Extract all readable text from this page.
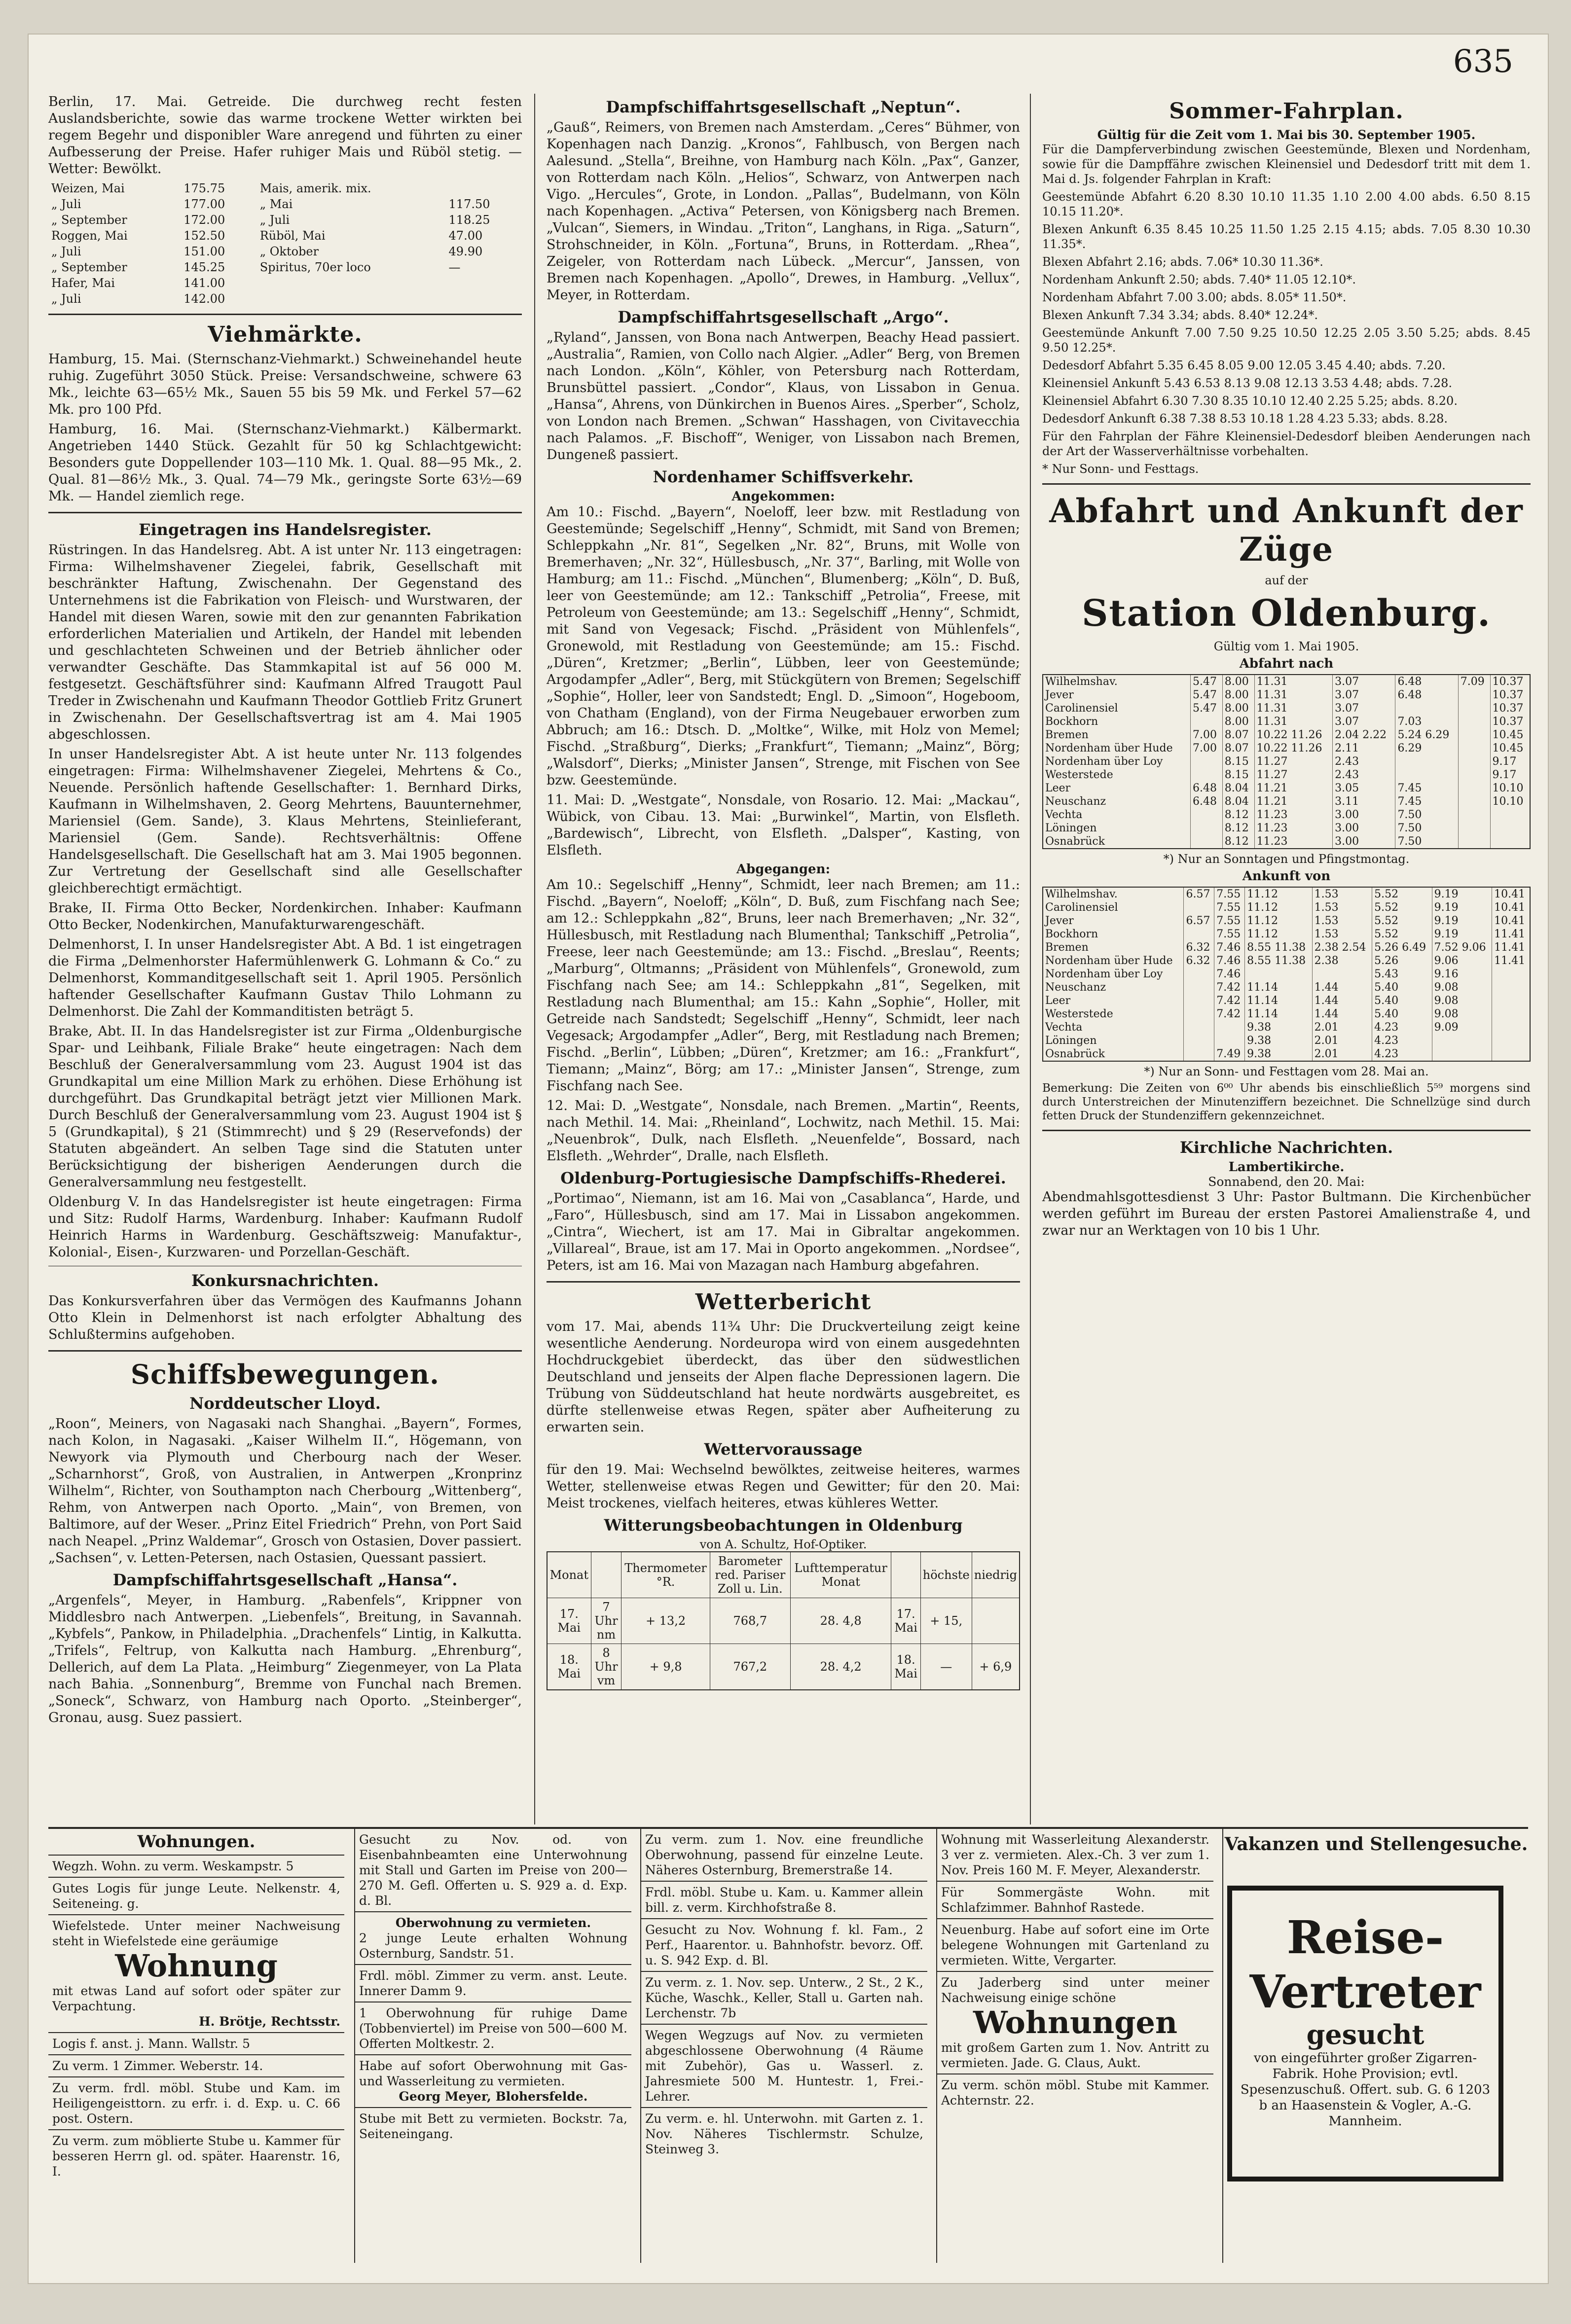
635

Berlin, 17. Mai. Getreide. Die durchweg recht festen Auslandsberichte, sowie das warme trockene Wetter wirkten bei regem Begehr und disponibler Ware anregend und führten zu einer Aufbesserung der Preise. Hafer ruhiger Mais und Rüböl stetig. — Wetter: Bewölkt.

Weizen, Mai	175.75	Mais, amerik. mix.	
„ Juli	177.00	„ Mai	117.50
„ September	172.00	„ Juli	118.25
Roggen, Mai	152.50	Rüböl, Mai	47.00
„ Juli	151.00	„ Oktober	49.90
„ September	145.25	Spiritus, 70er loco	—
Hafer, Mai	141.00		
„ Juli	142.00		
Viehmärkte.

Hamburg, 15. Mai. (Sternschanz-Viehmarkt.) Schweinehandel heute ruhig. Zugeführt 3050 Stück. Preise: Versandschweine, schwere 63 Mk., leichte 63—65½ Mk., Sauen 55 bis 59 Mk. und Ferkel 57—62 Mk. pro 100 Pfd.

Hamburg, 16. Mai. (Sternschanz-Viehmarkt.) Kälbermarkt. Angetrieben 1440 Stück. Gezahlt für 50 kg Schlachtgewicht: Besonders gute Doppellender 103—110 Mk. 1. Qual. 88—95 Mk., 2. Qual. 81—86½ Mk., 3. Qual. 74—79 Mk., geringste Sorte 63½—69 Mk. — Handel ziemlich rege.

Eingetragen ins Handelsregister.

Rüstringen. In das Handelsreg. Abt. A ist unter Nr. 113 eingetragen: Firma: Wilhelmshavener Ziegelei, fabrik, Gesellschaft mit beschränkter Haftung, Zwischenahn. Der Gegenstand des Unternehmens ist die Fabrikation von Fleisch- und Wurstwaren, der Handel mit diesen Waren, sowie mit den zur genannten Fabrikation erforderlichen Materialien und Artikeln, der Handel mit lebenden und geschlachteten Schweinen und der Betrieb ähnlicher oder verwandter Geschäfte. Das Stammkapital ist auf 56 000 M. festgesetzt. Geschäftsführer sind: Kaufmann Alfred Traugott Paul Treder in Zwischenahn und Kaufmann Theodor Gottlieb Fritz Grunert in Zwischenahn. Der Gesellschaftsvertrag ist am 4. Mai 1905 abgeschlossen.

In unser Handelsregister Abt. A ist heute unter Nr. 113 folgendes eingetragen: Firma: Wilhelmshavener Ziegelei, Mehrtens & Co., Neuende. Persönlich haftende Gesellschafter: 1. Bernhard Dirks, Kaufmann in Wilhelmshaven, 2. Georg Mehrtens, Bauunternehmer, Mariensiel (Gem. Sande), 3. Klaus Mehrtens, Steinlieferant, Mariensiel (Gem. Sande). Rechtsverhältnis: Offene Handelsgesellschaft. Die Gesellschaft hat am 3. Mai 1905 begonnen. Zur Vertretung der Gesellschaft sind alle Gesellschafter gleichberechtigt ermächtigt.

Brake, II. Firma Otto Becker, Nordenkirchen. Inhaber: Kaufmann Otto Becker, Nodenkirchen, Manufakturwarengeschäft.

Delmenhorst, I. In unser Handelsregister Abt. A Bd. 1 ist eingetragen die Firma „Delmenhorster Hafermühlenwerk G. Lohmann & Co.“ zu Delmenhorst, Kommanditgesellschaft seit 1. April 1905. Persönlich haftender Gesellschafter Kaufmann Gustav Thilo Lohmann zu Delmenhorst. Die Zahl der Kommanditisten beträgt 5.

Brake, Abt. II. In das Handelsregister ist zur Firma „Oldenburgische Spar- und Leihbank, Filiale Brake“ heute eingetragen: Nach dem Beschluß der Generalversammlung vom 23. August 1904 ist das Grundkapital um eine Million Mark zu erhöhen. Diese Erhöhung ist durchgeführt. Das Grundkapital beträgt jetzt vier Millionen Mark. Durch Beschluß der Generalversammlung vom 23. August 1904 ist § 5 (Grundkapital), § 21 (Stimmrecht) und § 29 (Reservefonds) der Statuten abgeändert. An selben Tage sind die Statuten unter Berücksichtigung der bisherigen Aenderungen durch die Generalversammlung neu festgestellt.

Oldenburg V. In das Handelsregister ist heute eingetragen: Firma und Sitz: Rudolf Harms, Wardenburg. Inhaber: Kaufmann Rudolf Heinrich Harms in Wardenburg. Geschäftszweig: Manufaktur-, Kolonial-, Eisen-, Kurzwaren- und Porzellan-Geschäft.

Konkursnachrichten.

Das Konkursverfahren über das Vermögen des Kaufmanns Johann Otto Klein in Delmenhorst ist nach erfolgter Abhaltung des Schlußtermins aufgehoben.

Schiffsbewegungen.
Norddeutscher Lloyd.

„Roon“, Meiners, von Nagasaki nach Shanghai. „Bayern“, Formes, nach Kolon, in Nagasaki. „Kaiser Wilhelm II.“, Högemann, von Newyork via Plymouth und Cherbourg nach der Weser. „Scharnhorst“, Groß, von Australien, in Antwerpen „Kronprinz Wilhelm“, Richter, von Southampton nach Cherbourg „Wittenberg“, Rehm, von Antwerpen nach Oporto. „Main“, von Bremen, von Baltimore, auf der Weser. „Prinz Eitel Friedrich“ Prehn, von Port Said nach Neapel. „Prinz Waldemar“, Grosch von Ostasien, Dover passiert. „Sachsen“, v. Letten-Petersen, nach Ostasien, Quessant passiert.

Dampfschiffahrtsgesellschaft „Hansa“.

„Argenfels“, Meyer, in Hamburg. „Rabenfels“, Krippner von Middlesbro nach Antwerpen. „Liebenfels“, Breitung, in Savannah. „Kybfels“, Pankow, in Philadelphia. „Drachenfels“ Lintig, in Kalkutta. „Trifels“, Feltrup, von Kalkutta nach Hamburg. „Ehrenburg“, Dellerich, auf dem La Plata. „Heimburg“ Ziegenmeyer, von La Plata nach Bahia. „Sonnenburg“, Bremme von Funchal nach Bremen. „Soneck“, Schwarz, von Hamburg nach Oporto. „Steinberger“, Gronau, ausg. Suez passiert.

Dampfschiffahrtsgesellschaft „Neptun“.

„Gauß“, Reimers, von Bremen nach Amsterdam. „Ceres“ Bühmer, von Kopenhagen nach Danzig. „Kronos“, Fahlbusch, von Bergen nach Aalesund. „Stella“, Breihne, von Hamburg nach Köln. „Pax“, Ganzer, von Rotterdam nach Köln. „Helios“, Schwarz, von Antwerpen nach Vigo. „Hercules“, Grote, in London. „Pallas“, Budelmann, von Köln nach Kopenhagen. „Activa“ Petersen, von Königsberg nach Bremen. „Vulcan“, Siemers, in Windau. „Triton“, Langhans, in Riga. „Saturn“, Strohschneider, in Köln. „Fortuna“, Bruns, in Rotterdam. „Rhea“, Zeigeler, von Rotterdam nach Lübeck. „Mercur“, Janssen, von Bremen nach Kopenhagen. „Apollo“, Drewes, in Hamburg. „Vellux“, Meyer, in Rotterdam.

Dampfschiffahrtsgesellschaft „Argo“.

„Ryland“, Janssen, von Bona nach Antwerpen, Beachy Head passiert. „Australia“, Ramien, von Collo nach Algier. „Adler“ Berg, von Bremen nach London. „Köln“, Köhler, von Petersburg nach Rotterdam, Brunsbüttel passiert. „Condor“, Klaus, von Lissabon in Genua. „Hansa“, Ahrens, von Dünkirchen in Buenos Aires. „Sperber“, Scholz, von London nach Bremen. „Schwan“ Hasshagen, von Civitavecchia nach Palamos. „F. Bischoff“, Weniger, von Lissabon nach Bremen, Dungeneß passiert.

Nordenhamer Schiffsverkehr.
Angekommen:

Am 10.: Fischd. „Bayern“, Noeloff, leer bzw. mit Restladung von Geestemünde; Segelschiff „Henny“, Schmidt, mit Sand von Bremen; Schleppkahn „Nr. 81“, Segelken „Nr. 82“, Bruns, mit Wolle von Bremerhaven; „Nr. 32“, Hüllesbusch, „Nr. 37“, Barling, mit Wolle von Hamburg; am 11.: Fischd. „München“, Blumenberg; „Köln“, D. Buß, leer von Geestemünde; am 12.: Tankschiff „Petrolia“, Freese, mit Petroleum von Geestemünde; am 13.: Segelschiff „Henny“, Schmidt, mit Sand von Vegesack; Fischd. „Präsident von Mühlenfels“, Gronewold, mit Restladung von Geestemünde; am 15.: Fischd. „Düren“, Kretzmer; „Berlin“, Lübben, leer von Geestemünde; Argodampfer „Adler“, Berg, mit Stückgütern von Bremen; Segelschiff „Sophie“, Holler, leer von Sandstedt; Engl. D. „Simoon“, Hogeboom, von Chatham (England), von der Firma Neugebauer erworben zum Abbruch; am 16.: Dtsch. D. „Moltke“, Wilke, mit Holz von Memel; Fischd. „Straßburg“, Dierks; „Frankfurt“, Tiemann; „Mainz“, Börg; „Walsdorf“, Dierks; „Minister Jansen“, Strenge, mit Fischen von See bzw. Geestemünde.

11. Mai: D. „Westgate“, Nonsdale, von Rosario. 12. Mai: „Mackau“, Wübick, von Cibau. 13. Mai: „Burwinkel“, Martin, von Elsfleth. „Bardewisch“, Librecht, von Elsfleth. „Dalsper“, Kasting, von Elsfleth.

Abgegangen:

Am 10.: Segelschiff „Henny“, Schmidt, leer nach Bremen; am 11.: Fischd. „Bayern“, Noeloff; „Köln“, D. Buß, zum Fischfang nach See; am 12.: Schleppkahn „82“, Bruns, leer nach Bremerhaven; „Nr. 32“, Hüllesbusch, mit Restladung nach Blumenthal; Tankschiff „Petrolia“, Freese, leer nach Geestemünde; am 13.: Fischd. „Breslau“, Reents; „Marburg“, Oltmanns; „Präsident von Mühlenfels“, Gronewold, zum Fischfang nach See; am 14.: Schleppkahn „81“, Segelken, mit Restladung nach Blumenthal; am 15.: Kahn „Sophie“, Holler, mit Getreide nach Sandstedt; Segelschiff „Henny“, Schmidt, leer nach Vegesack; Argodampfer „Adler“, Berg, mit Restladung nach Bremen; Fischd. „Berlin“, Lübben; „Düren“, Kretzmer; am 16.: „Frankfurt“, Tiemann; „Mainz“, Börg; am 17.: „Minister Jansen“, Strenge, zum Fischfang nach See.

12. Mai: D. „Westgate“, Nonsdale, nach Bremen. „Martin“, Reents, nach Methil. 14. Mai: „Rheinland“, Lochwitz, nach Methil. 15. Mai: „Neuenbrok“, Dulk, nach Elsfleth. „Neuenfelde“, Bossard, nach Elsfleth. „Wehrder“, Dralle, nach Elsfleth.

Oldenburg-Portugiesische Dampfschiffs-Rhederei.

„Portimao“, Niemann, ist am 16. Mai von „Casablanca“, Harde, und „Faro“, Hüllesbusch, sind am 17. Mai in Lissabon angekommen. „Cintra“, Wiechert, ist am 17. Mai in Gibraltar angekommen. „Villareal“, Braue, ist am 17. Mai in Oporto angekommen. „Nordsee“, Peters, ist am 16. Mai von Mazagan nach Hamburg abgefahren.

Wetterbericht

vom 17. Mai, abends 11¾ Uhr: Die Druckverteilung zeigt keine wesentliche Aenderung. Nordeuropa wird von einem ausgedehnten Hochdruckgebiet überdeckt, das über den südwestlichen Deutschland und jenseits der Alpen flache Depressionen lagern. Die Trübung von Süddeutschland hat heute nordwärts ausgebreitet, es dürfte stellenweise etwas Regen, später aber Aufheiterung zu erwarten sein.

Wettervoraussage

für den 19. Mai: Wechselnd bewölktes, zeitweise heiteres, warmes Wetter, stellenweise etwas Regen und Gewitter; für den 20. Mai: Meist trockenes, vielfach heiteres, etwas kühleres Wetter.

Witterungsbeobachtungen in Oldenburg
von A. Schultz, Hof-Optiker.
Monat		Thermometer °R.	Barometer red. Pariser Zoll u. Lin.	Lufttemperatur Monat		höchste	niedrig
17. Mai	7 Uhr nm	+ 13,2	768,7	28. 4,8	17. Mai	+ 15,	
18. Mai	8 Uhr vm	+ 9,8	767,2	28. 4,2	18. Mai	—	+ 6,9
Sommer-Fahrplan.
Gültig für die Zeit vom 1. Mai bis 30. September 1905.

Für die Dampferverbindung zwischen Geestemünde, Blexen und Nordenham, sowie für die Dampffähre zwischen Kleinensiel und Dedesdorf tritt mit dem 1. Mai d. Js. folgender Fahrplan in Kraft:

Geestemünde Abfahrt 6.20 8.30 10.10 11.35 1.10 2.00 4.00 abds. 6.50 8.15 10.15 11.20*.

Blexen Ankunft 6.35 8.45 10.25 11.50 1.25 2.15 4.15; abds. 7.05 8.30 10.30 11.35*.

Blexen Abfahrt 2.16; abds. 7.06* 10.30 11.36*.

Nordenham Ankunft 2.50; abds. 7.40* 11.05 12.10*.

Nordenham Abfahrt 7.00 3.00; abds. 8.05* 11.50*.

Blexen Ankunft 7.34 3.34; abds. 8.40* 12.24*.

Geestemünde Ankunft 7.00 7.50 9.25 10.50 12.25 2.05 3.50 5.25; abds. 8.45 9.50 12.25*.

Dedesdorf Abfahrt 5.35 6.45 8.05 9.00 12.05 3.45 4.40; abds. 7.20.

Kleinensiel Ankunft 5.43 6.53 8.13 9.08 12.13 3.53 4.48; abds. 7.28.

Kleinensiel Abfahrt 6.30 7.30 8.35 10.10 12.40 2.25 5.25; abds. 8.20.

Dedesdorf Ankunft 6.38 7.38 8.53 10.18 1.28 4.23 5.33; abds. 8.28.

Für den Fahrplan der Fähre Kleinensiel-Dedesdorf bleiben Aenderungen nach der Art der Wasserverhältnisse vorbehalten.

* Nur Sonn- und Festtags.

Abfahrt und Ankunft der Züge
auf der
Station Oldenburg.
Gültig vom 1. Mai 1905.
Abfahrt nach
Wilhelmshav.	5.47	8.00	11.31	3.07	6.48	7.09	10.37
Jever	5.47	8.00	11.31	3.07	6.48		10.37
Carolinensiel	5.47	8.00	11.31	3.07			10.37
Bockhorn		8.00	11.31	3.07	7.03		10.37
Bremen	7.00	8.07	10.22 11.26	2.04 2.22	5.24 6.29		10.45
Nordenham über Hude	7.00	8.07	10.22 11.26	2.11	6.29		10.45
Nordenham über Loy		8.15	11.27	2.43			9.17
Westerstede		8.15	11.27	2.43			9.17
Leer	6.48	8.04	11.21	3.05	7.45		10.10
Neuschanz	6.48	8.04	11.21	3.11	7.45		10.10
Vechta		8.12	11.23	3.00	7.50		
Löningen		8.12	11.23	3.00	7.50		
Osnabrück		8.12	11.23	3.00	7.50		
*) Nur an Sonntagen und Pfingstmontag.
Ankunft von
Wilhelmshav.	6.57	7.55	11.12	1.53	5.52	9.19	10.41
Carolinensiel		7.55	11.12	1.53	5.52	9.19	10.41
Jever	6.57	7.55	11.12	1.53	5.52	9.19	10.41
Bockhorn		7.55	11.12	1.53	5.52	9.19	11.41
Bremen	6.32	7.46	8.55 11.38	2.38 2.54	5.26 6.49	7.52 9.06	11.41
Nordenham über Hude	6.32	7.46	8.55 11.38	2.38	5.26	9.06	11.41
Nordenham über Loy		7.46			5.43	9.16	
Neuschanz		7.42	11.14	1.44	5.40	9.08	
Leer		7.42	11.14	1.44	5.40	9.08	
Westerstede		7.42	11.14	1.44	5.40	9.08	
Vechta			9.38	2.01	4.23	9.09	
Löningen			9.38	2.01	4.23		
Osnabrück		7.49	9.38	2.01	4.23		
*) Nur an Sonn- und Festtagen vom 28. Mai an.

Bemerkung: Die Zeiten von 6⁰⁰ Uhr abends bis einschließlich 5⁵⁹ morgens sind durch Unterstreichen der Minutenziffern bezeichnet. Die Schnellzüge sind durch fetten Druck der Stundenziffern gekennzeichnet.

Kirchliche Nachrichten.
Lambertikirche.
Sonnabend, den 20. Mai:

Abendmahlsgottesdienst 3 Uhr: Pastor Bultmann. Die Kirchenbücher werden geführt im Bureau der ersten Pastorei Amalienstraße 4, und zwar nur an Werktagen von 10 bis 1 Uhr.

Wohnungen.

Wegzh. Wohn. zu verm. Weskampstr. 5

Gutes Logis für junge Leute. Nelkenstr. 4, Seiteneing. g.

Wiefelstede. Unter meiner Nachweisung steht in Wiefelstede eine geräumige

Wohnung

mit etwas Land auf sofort oder später zur Verpachtung.

H. Brötje, Rechtsstr.

Logis f. anst. j. Mann. Wallstr. 5

Zu verm. 1 Zimmer. Weberstr. 14.

Zu verm. frdl. möbl. Stube und Kam. im Heiligengeisttorn. zu erfr. i. d. Exp. u. C. 66 post. Ostern.

Zu verm. zum möblierte Stube u. Kammer für besseren Herrn gl. od. später. Haarenstr. 16, I.

Gesucht zu Nov. od. von Eisenbahnbeamten eine Unterwohnung mit Stall und Garten im Preise von 200—270 M. Gefl. Offerten u. S. 929 a. d. Exp. d. Bl.

Oberwohnung zu vermieten.

2 junge Leute erhalten Wohnung Osternburg, Sandstr. 51.

Frdl. möbl. Zimmer zu verm. anst. Leute. Innerer Damm 9.

1 Oberwohnung für ruhige Dame (Tobbenviertel) im Preise von 500—600 M. Offerten Moltkestr. 2.

Habe auf sofort Oberwohnung mit Gas- und Wasserleitung zu vermieten.

Georg Meyer, Blohersfelde.

Stube mit Bett zu vermieten. Bockstr. 7a, Seiteneingang.

Zu verm. zum 1. Nov. eine freundliche Oberwohnung, passend für einzelne Leute. Näheres Osternburg, Bremerstraße 14.

Frdl. möbl. Stube u. Kam. u. Kammer allein bill. z. verm. Kirchhofstraße 8.

Gesucht zu Nov. Wohnung f. kl. Fam., 2 Perf., Haarentor. u. Bahnhofstr. bevorz. Off. u. S. 942 Exp. d. Bl.

Zu verm. z. 1. Nov. sep. Unterw., 2 St., 2 K., Küche, Waschk., Keller, Stall u. Garten nah. Lerchenstr. 7b

Wegen Wegzugs auf Nov. zu vermieten abgeschlossene Oberwohnung (4 Räume mit Zubehör), Gas u. Wasserl. z. Jahresmiete 500 M. Huntestr. 1, Frei.-Lehrer.

Zu verm. e. hl. Unterwohn. mit Garten z. 1. Nov. Näheres Tischlermstr. Schulze, Steinweg 3.

Wohnung mit Wasserleitung Alexanderstr. 3 ver z. vermieten. Alex.-Ch. 3 ver zum 1. Nov. Preis 160 M. F. Meyer, Alexanderstr.

Für Sommergäste Wohn. mit Schlafzimmer. Bahnhof Rastede.

Neuenburg. Habe auf sofort eine im Orte belegene Wohnungen mit Gartenland zu vermieten. Witte, Vergarter.

Zu Jaderberg sind unter meiner Nachweisung einige schöne

Wohnungen

mit großem Garten zum 1. Nov. Antritt zu vermieten. Jade. G. Claus, Aukt.

Zu verm. schön möbl. Stube mit Kammer. Achternstr. 22.

Vakanzen und Stellengesuche.
Reise-
Vertreter
gesucht
von eingeführter großer Zigarren-Fabrik. Hohe Provision; evtl. Spesenzuschuß. Offert. sub. G. 6 1203 b an Haasenstein & Vogler, A.-G. Mannheim.
